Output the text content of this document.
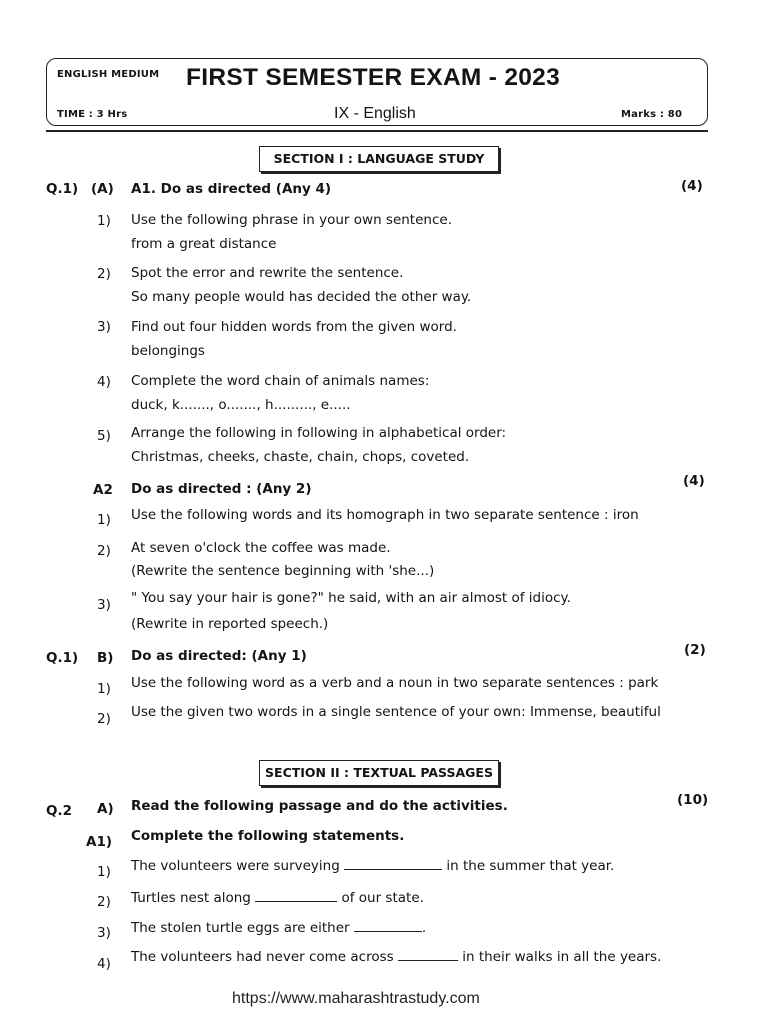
ENGLISH MEDIUM FIRST SEMESTER EXAM - 2023
TIME : 3 Hrs	IX - English	Marks : 80
SECTION I : LANGUAGE STUDY
Q.1) (A) A1. Do as directed (Any 4)	(4)
1) Use the following phrase in your own sentence.
from a great distance
2) Spot the error and rewrite the sentence.
So many people would has decided the other way.
3) Find out four hidden words from the given word.
belongings
4) Complete the word chain of animals names:
duck, k......., o......., h........., e.....
5) Arrange the following in following in alphabetical order:
Christmas, cheeks, chaste, chain, chops, coveted.
A2 Do as directed : (Any 2)	(4)
1) Use the following words and its homograph in two separate sentence : iron
2) At seven o'clock the coffee was made.
(Rewrite the sentence beginning with 'she...)
3) " You say your hair is gone?" he said, with an air almost of idiocy.
(Rewrite in reported speech.)
Q.1) B) Do as directed: (Any 1)	(2)
1) Use the following word as a verb and a noun in two separate sentences : park
2) Use the given two words in a single sentence of your own: Immense, beautiful
SECTION II : TEXTUAL PASSAGES
Q.2 A) Read the following passage and do the activities.	(10)
A1) Complete the following statements.
1) The volunteers were surveying	in the summer that year.
2) Turtles nest along	of our state.
3) The stolen turtle eggs are either	.
4) The volunteers had never come across	in their walks in all the years.
https://www.maharashtrastudy.com
